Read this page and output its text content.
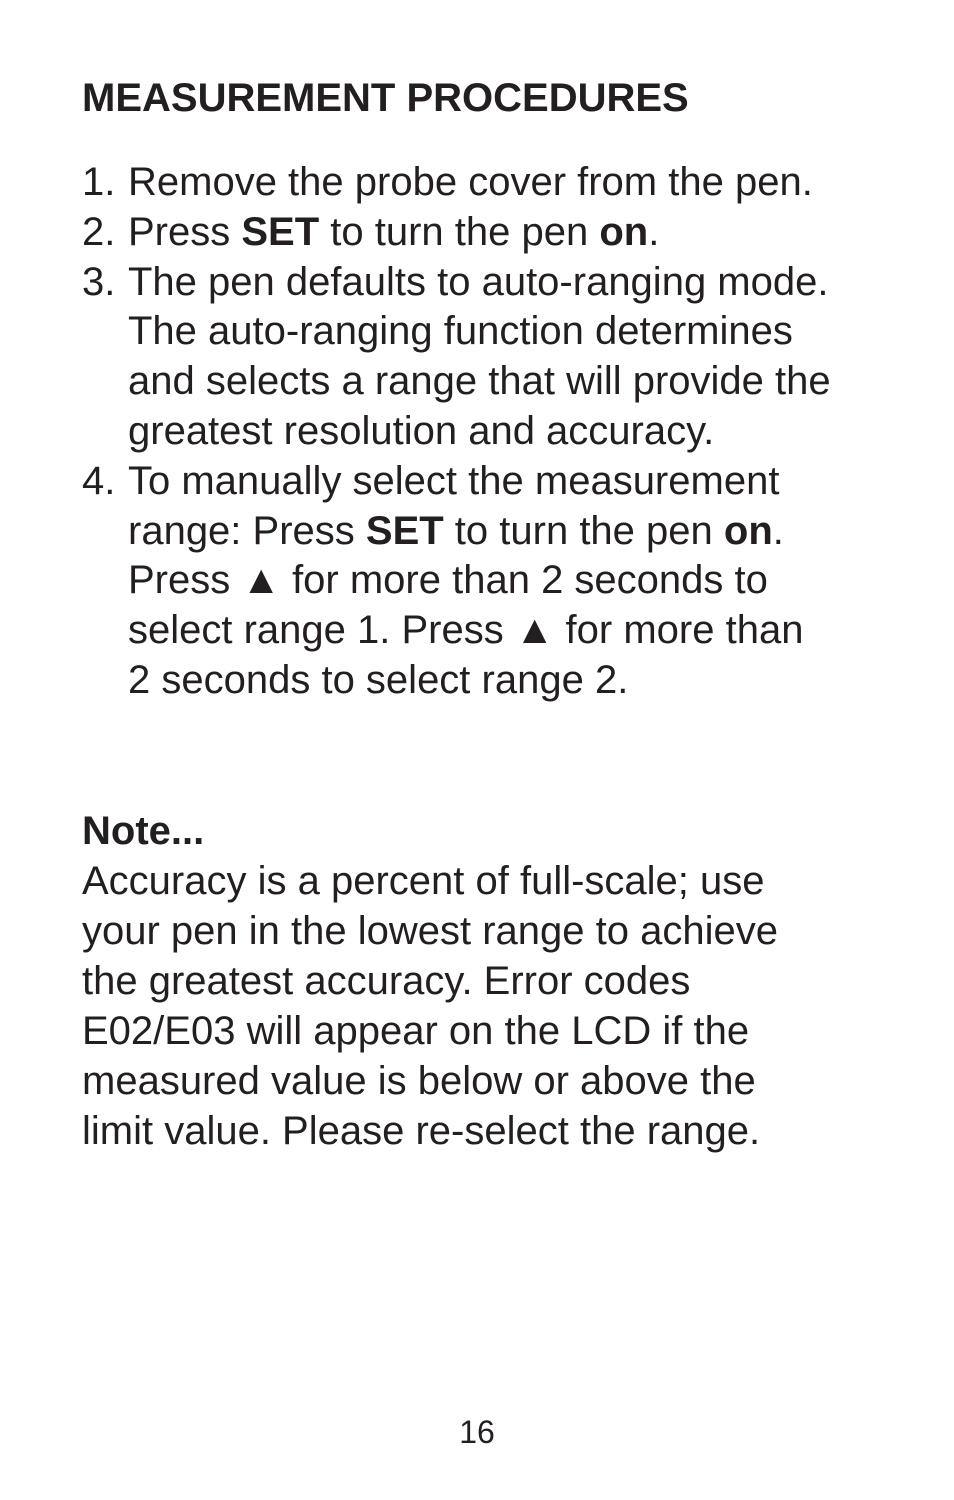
MEASUREMENT PROCEDURES
1. Remove the probe cover from the pen.
2. Press SET to turn the pen on.
3. The pen defaults to auto-ranging mode.
The auto-ranging function determines
and selects a range that will provide the
greatest resolution and accuracy.
4. To manually select the measurement
range: Press SET to turn the pen on.
Press ▲ for more than 2 seconds to
select range 1. Press ▲ for more than
2 seconds to select range 2.
Note...
Accuracy is a percent of full-scale; use
your pen in the lowest range to achieve
the greatest accuracy. Error codes
E02/E03 will appear on the LCD if the
measured value is below or above the
limit value. Please re-select the range.
16
